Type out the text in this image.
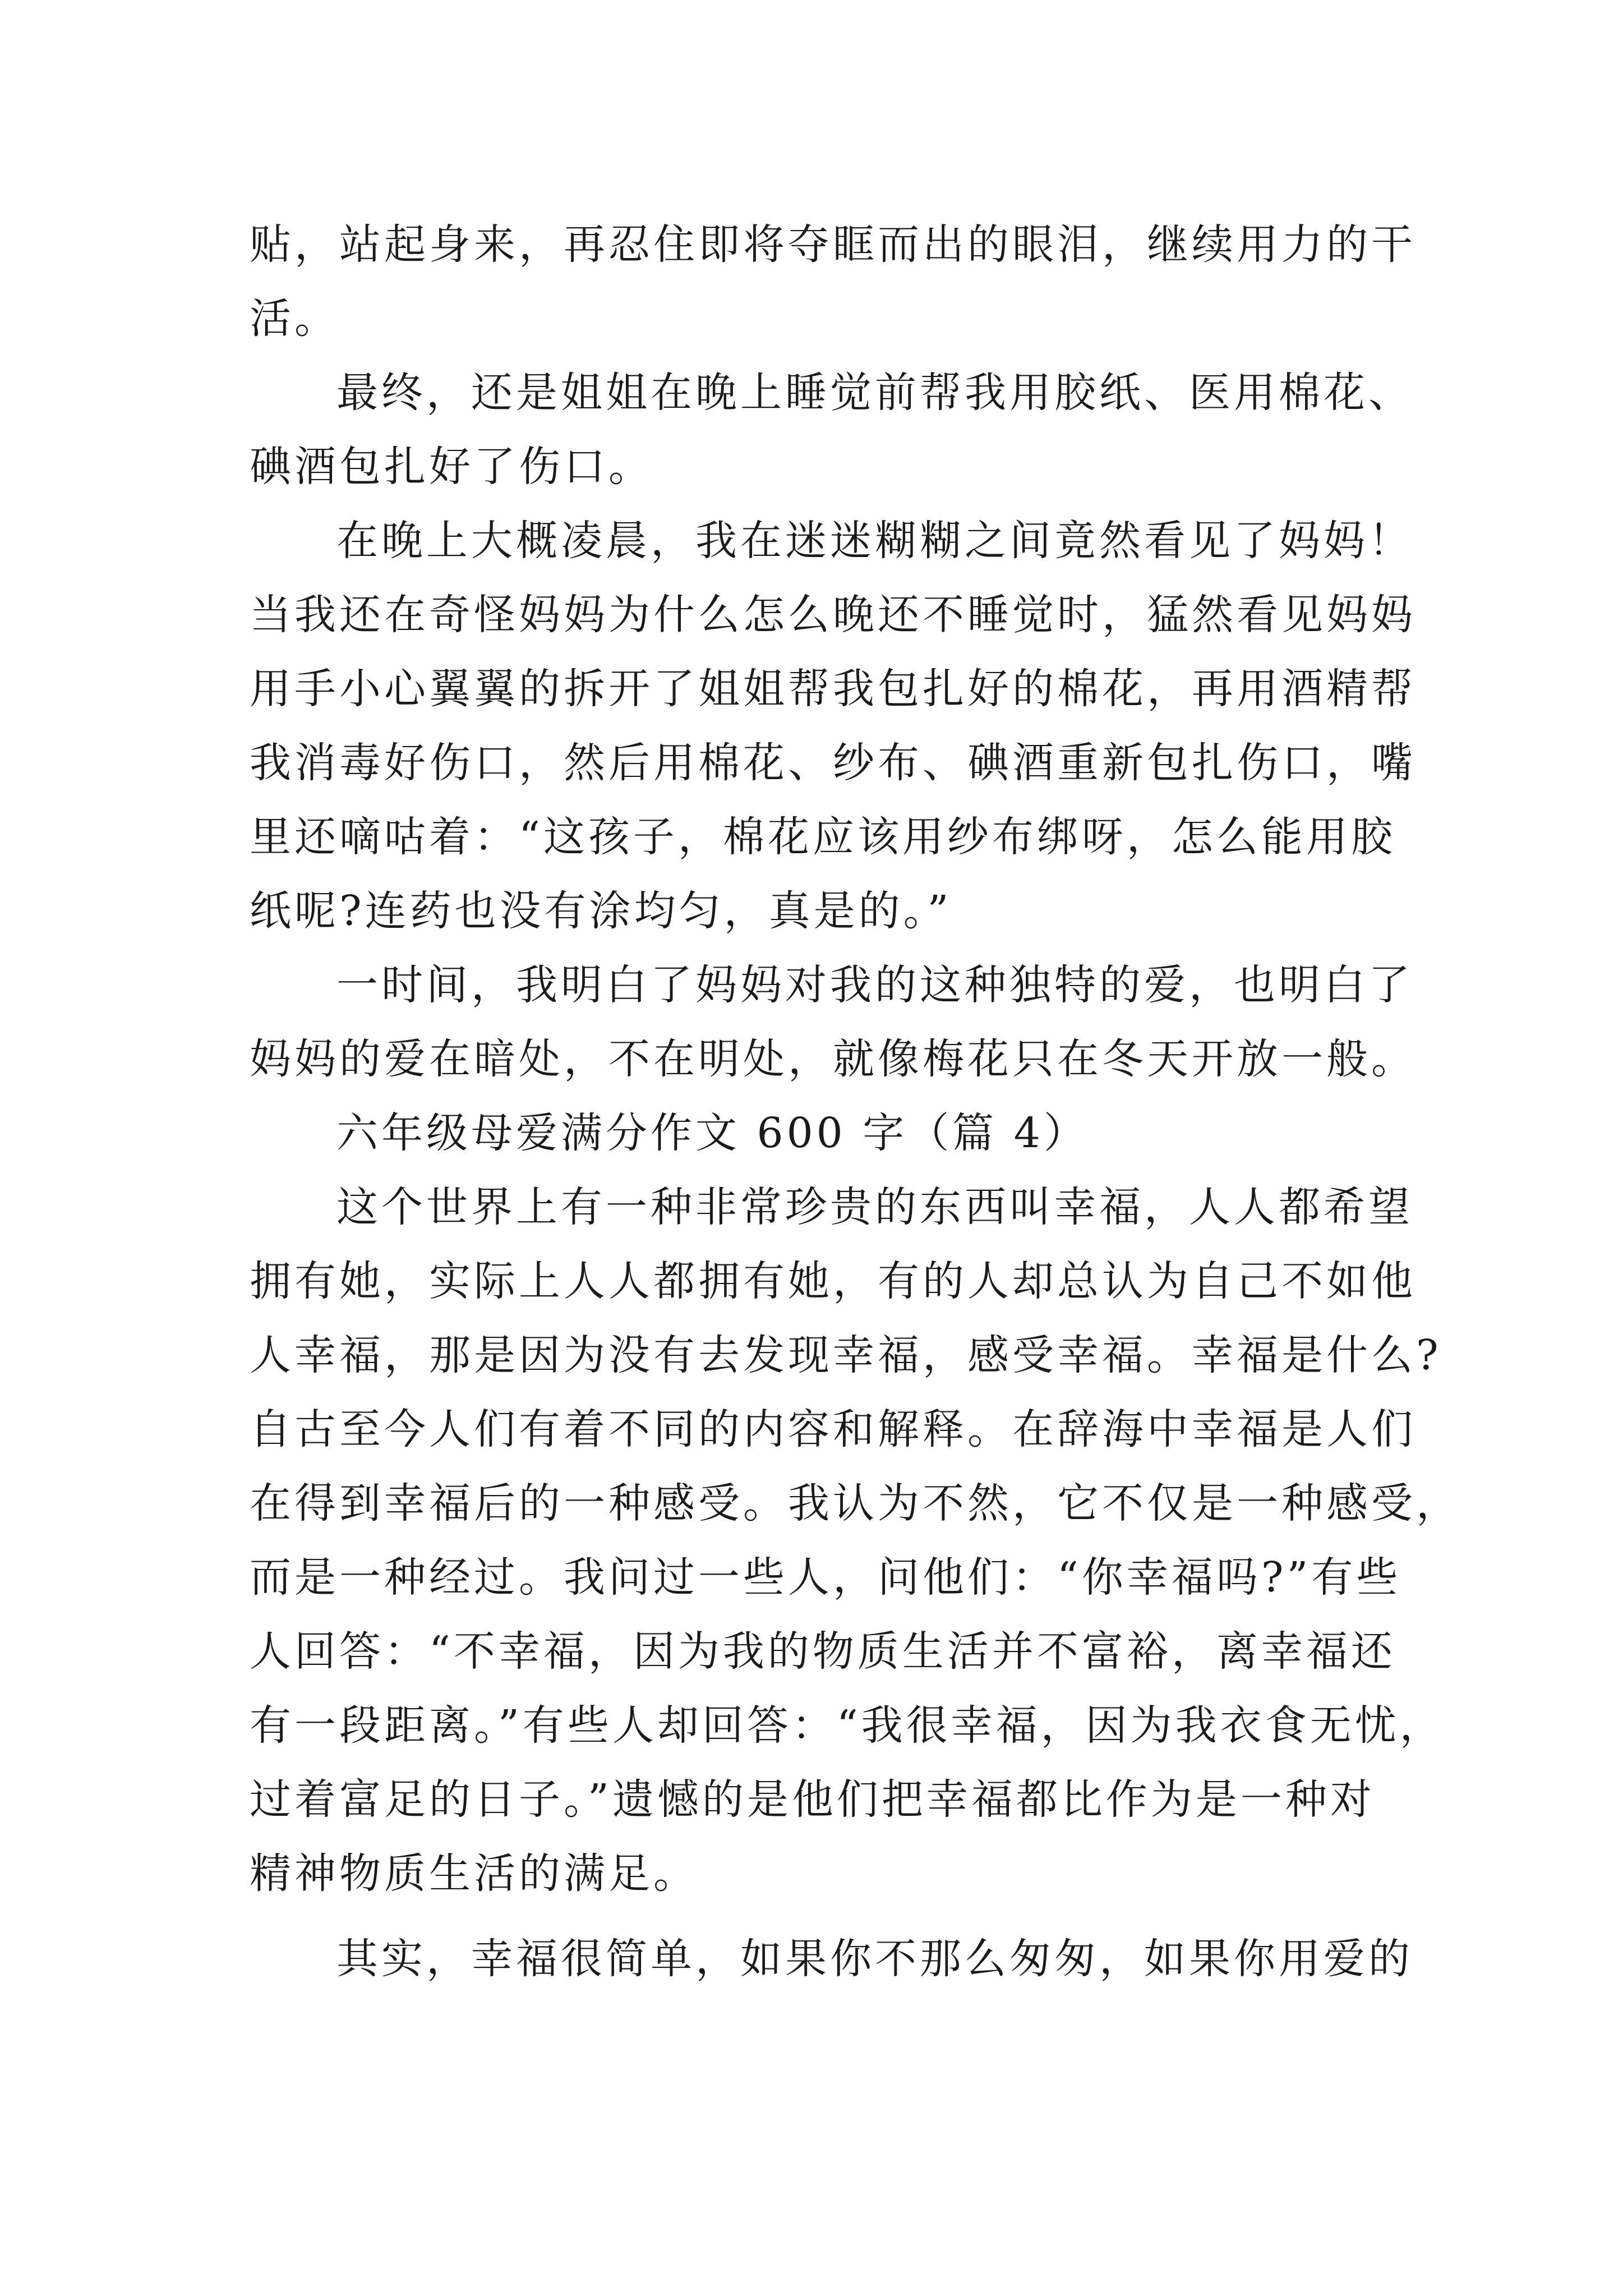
贴，站起身来，再忍住即将夺眶而出的眼泪，继续用力的干
活。
最终，还是姐姐在晚上睡觉前帮我用胶纸、医用棉花、
碘酒包扎好了伤口。
在晚上大概凌晨，我在迷迷糊糊之间竟然看见了妈妈！
当我还在奇怪妈妈为什么怎么晚还不睡觉时，猛然看见妈妈
用手小心翼翼的拆开了姐姐帮我包扎好的棉花，再用酒精帮
我消毒好伤口，然后用棉花、纱布、碘酒重新包扎伤口，嘴
里还嘀咕着：“这孩子，棉花应该用纱布绑呀，怎么能用胶
纸呢?连药也没有涂均匀，真是的。”
一时间，我明白了妈妈对我的这种独特的爱，也明白了
妈妈的爱在暗处，不在明处，就像梅花只在冬天开放一般。
六年级母爱满分作文 600 字（篇 4）
这个世界上有一种非常珍贵的东西叫幸福，人人都希望
拥有她，实际上人人都拥有她，有的人却总认为自己不如他
人幸福，那是因为没有去发现幸福，感受幸福。幸福是什么?
自古至今人们有着不同的内容和解释。在辞海中幸福是人们
在得到幸福后的一种感受。我认为不然，它不仅是一种感受，
而是一种经过。我问过一些人，问他们：“你幸福吗?”有些
人回答：“不幸福，因为我的物质生活并不富裕，离幸福还
有一段距离。”有些人却回答：“我很幸福，因为我衣食无忧，
过着富足的日子。”遗憾的是他们把幸福都比作为是一种对
精神物质生活的满足。
其实，幸福很简单，如果你不那么匆匆，如果你用爱的
